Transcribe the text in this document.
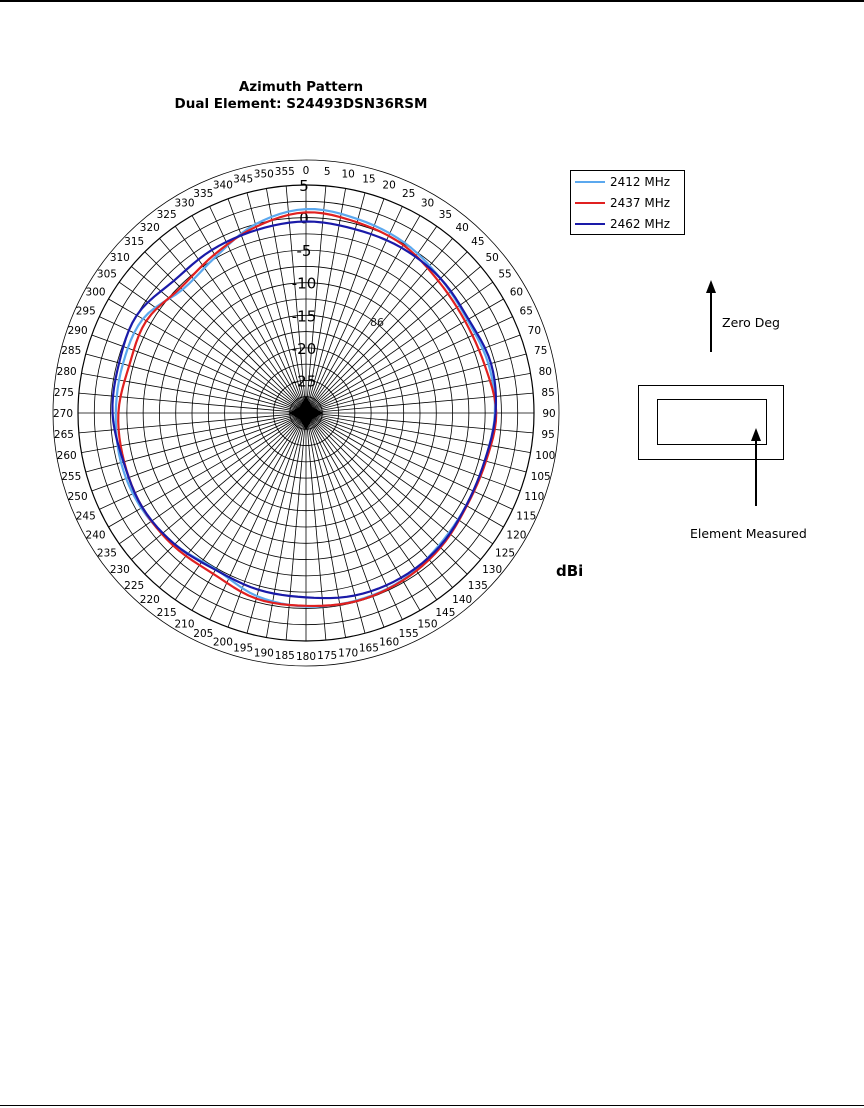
Azimuth Pattern
Dual Element: S24493DSN36RSM
0 5 10 15
20
25
30
35
40
45
50
55
60
65
70
75
80
85
90
95
100
105
110
115
120
125
130
135
140
145
150
155
160
165
170
175
180
185
190
195
200
205
210
215
220
225
230
235
240
245
250
255
260
265
270
275
280
285
290
295
300
305
310
315
320
325
330
335
340
345 350 355
5
0
-5
-10
-15
-20
-25
86
2412 MHz
2437 MHz
2462 MHz
dBi
Zero Deg
Element Measured
